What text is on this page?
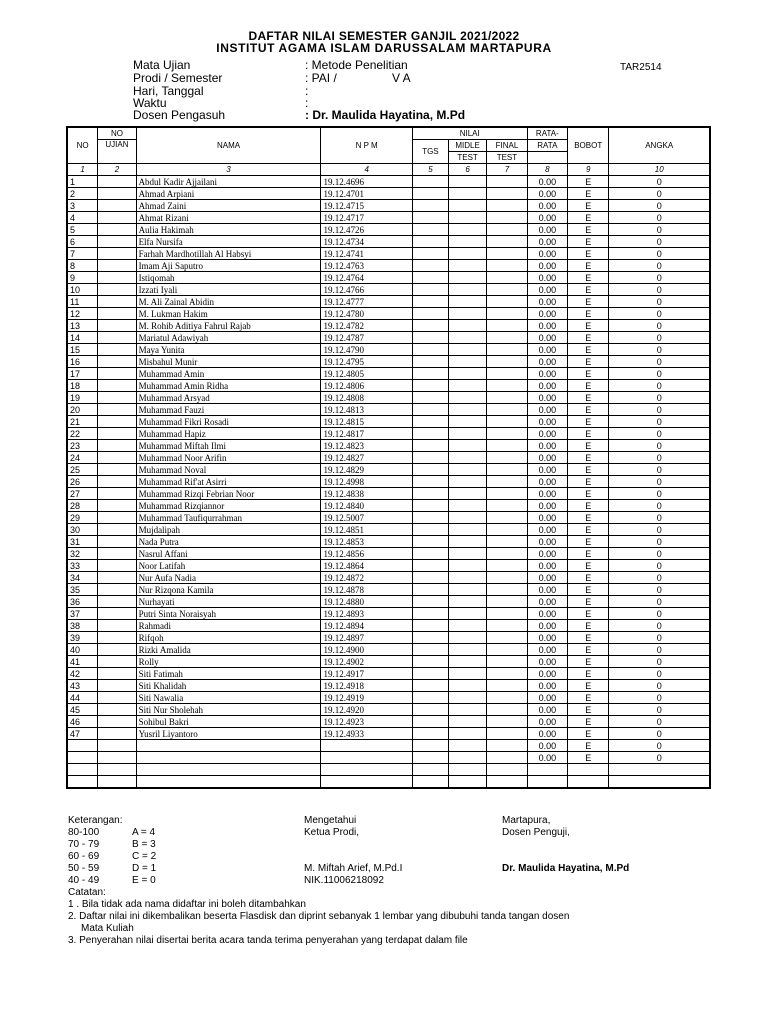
DAFTAR NILAI SEMESTER GANJIL 2021/2022
INSTITUT AGAMA ISLAM DARUSSALAM MARTAPURA
Mata Ujian	: Metode Penelitian	TAR2514
Prodi / Semester	: PAI /	V A
Hari, Tanggal	:
Waktu	:
Dosen Pengasuh	: Dr. Maulida Hayatina, M.Pd
NO	NO	NAMA	N P M	NILAI			RATA-	BOBOT	ANGKA
	UJIAN			TGS	MIDLE	FINAL	RATA		
					TEST	TEST			
1	2	3	4	5	6	7	8	9	10
1		Abdul Kadir Ajjailani	19.12.4696				0.00	E	0
2		Ahmad Arpiani	19.12.4701				0.00	E	0
3		Ahmad Zaini	19.12.4715				0.00	E	0
4		Ahmat Rizani	19.12.4717				0.00	E	0
5		Aulia Hakimah	19.12.4726				0.00	E	0
6		Elfa Nursifa	19.12.4734				0.00	E	0
7		Farhah Mardhotillah Al Habsyi	19.12.4741				0.00	E	0
8		Imam Aji Saputro	19.12.4763				0.00	E	0
9		Istiqomah	19.12.4764				0.00	E	0
10		Izzati Iyali	19.12.4766				0.00	E	0
11		M. Ali Zainal Abidin	19.12.4777				0.00	E	0
12		M. Lukman Hakim	19.12.4780				0.00	E	0
13		M. Rohib Aditiya Fahrul Rajab	19.12.4782				0.00	E	0
14		Mariatul Adawiyah	19.12.4787				0.00	E	0
15		Maya Yunita	19.12.4790				0.00	E	0
16		Misbahul Munir	19.12.4795				0.00	E	0
17		Muhammad Amin	19.12.4805				0.00	E	0
18		Muhammad Amin Ridha	19.12.4806				0.00	E	0
19		Muhammad Arsyad	19.12.4808				0.00	E	0
20		Muhammad Fauzi	19.12.4813				0.00	E	0
21		Muhammad Fikri Rosadi	19.12.4815				0.00	E	0
22		Muhammad Hapiz	19.12.4817				0.00	E	0
23		Muhammad Miftah Ilmi	19.12.4823				0.00	E	0
24		Muhammad Noor Arifin	19.12.4827				0.00	E	0
25		Muhammad Noval	19.12.4829				0.00	E	0
26		Muhammad Rif'at Asirri	19.12.4998				0.00	E	0
27		Muhammad Rizqi Febrian Noor	19.12.4838				0.00	E	0
28		Muhammad Rizqiannor	19.12.4840				0.00	E	0
29		Muhammad Taufiqurrahman	19.12.5007				0.00	E	0
30		Mujdalipah	19.12.4851				0.00	E	0
31		Nada Putra	19.12.4853				0.00	E	0
32		Nasrul Affani	19.12.4856				0.00	E	0
33		Noor Latifah	19.12.4864				0.00	E	0
34		Nur Aufa Nadia	19.12.4872				0.00	E	0
35		Nur Rizqona Kamila	19.12.4878				0.00	E	0
36		Nurhayati	19.12.4880				0.00	E	0
37		Putri Sinta Noraisyah	19.12.4893				0.00	E	0
38		Rahmadi	19.12.4894				0.00	E	0
39		Rifqoh	19.12.4897				0.00	E	0
40		Rizki Amalida	19.12.4900				0.00	E	0
41		Rolly	19.12.4902				0.00	E	0
42		Siti Fatimah	19.12.4917				0.00	E	0
43		Siti Khalidah	19.12.4918				0.00	E	0
44		Siti Nawalia	19.12.4919				0.00	E	0
45		Siti Nur Sholehah	19.12.4920				0.00	E	0
46		Sohibul Bakri	19.12.4923				0.00	E	0
47		Yusril Liyantoro	19.12.4933				0.00	E	0
							0.00	E	0
							0.00	E	0

Keterangan:
80-100	A = 4
70 - 79	B = 3
60 - 69	C = 2
50 - 59	D = 1
40 - 49	E = 0
Mengetahui
Ketua Prodi,
M. Miftah Arief, M.Pd.I
NIK.11006218092
Martapura,
Dosen Penguji,
Dr. Maulida Hayatina, M.Pd
Catatan:
1 . Bila tidak ada nama didaftar ini boleh ditambahkan
2. Daftar nilai ini dikembalikan beserta Flasdisk dan diprint sebanyak 1 lembar yang dibubuhi tanda tangan dosen
Mata Kuliah
3. Penyerahan nilai disertai berita acara tanda terima penyerahan yang terdapat dalam file
